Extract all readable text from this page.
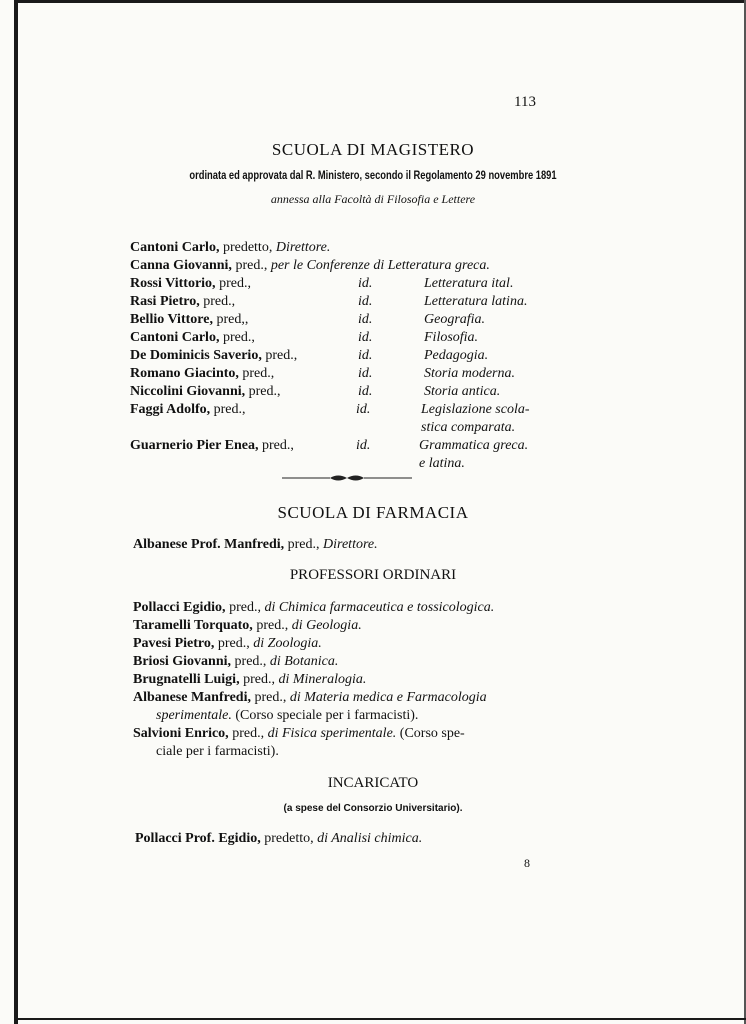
113
SCUOLA DI MAGISTERO
ordinata ed approvata dal R. Ministero, secondo il Regolamento 29 novembre 1891
annessa alla Facoltà di Filosofia e Lettere
Cantoni Carlo, predetto, Direttore.
Canna Giovanni, pred., per le Conferenze di Letteratura greca.
Rossi Vittorio, pred.,	id.	Letteratura ital.
Rasi Pietro, pred.,	id.	Letteratura latina.
Bellio Vittore, pred,,	id.	Geografia.
Cantoni Carlo, pred.,	id.	Filosofia.
De Dominicis Saverio, pred.,	id.	Pedagogia.
Romano Giacinto, pred.,	id.	Storia moderna.
Niccolini Giovanni, pred.,	id.	Storia antica.
Faggi Adolfo, pred.,	id.	Legislazione scola-
stica comparata.
Guarnerio Pier Enea, pred.,	id.	Grammatica greca.
e latina.
SCUOLA DI FARMACIA
Albanese Prof. Manfredi, pred., Direttore.
PROFESSORI ORDINARI
Pollacci Egidio, pred., di Chimica farmaceutica e tossicologica.
Taramelli Torquato, pred., di Geologia.
Pavesi Pietro, pred., di Zoologia.
Briosi Giovanni, pred., di Botanica.
Brugnatelli Luigi, pred., di Mineralogia.
Albanese Manfredi, pred., di Materia medica e Farmacologia
sperimentale. (Corso speciale per i farmacisti).
Salvioni Enrico, pred., di Fisica sperimentale. (Corso spe-
ciale per i farmacisti).
INCARICATO
(a spese del Consorzio Universitario).
Pollacci Prof. Egidio, predetto, di Analisi chimica.
8
